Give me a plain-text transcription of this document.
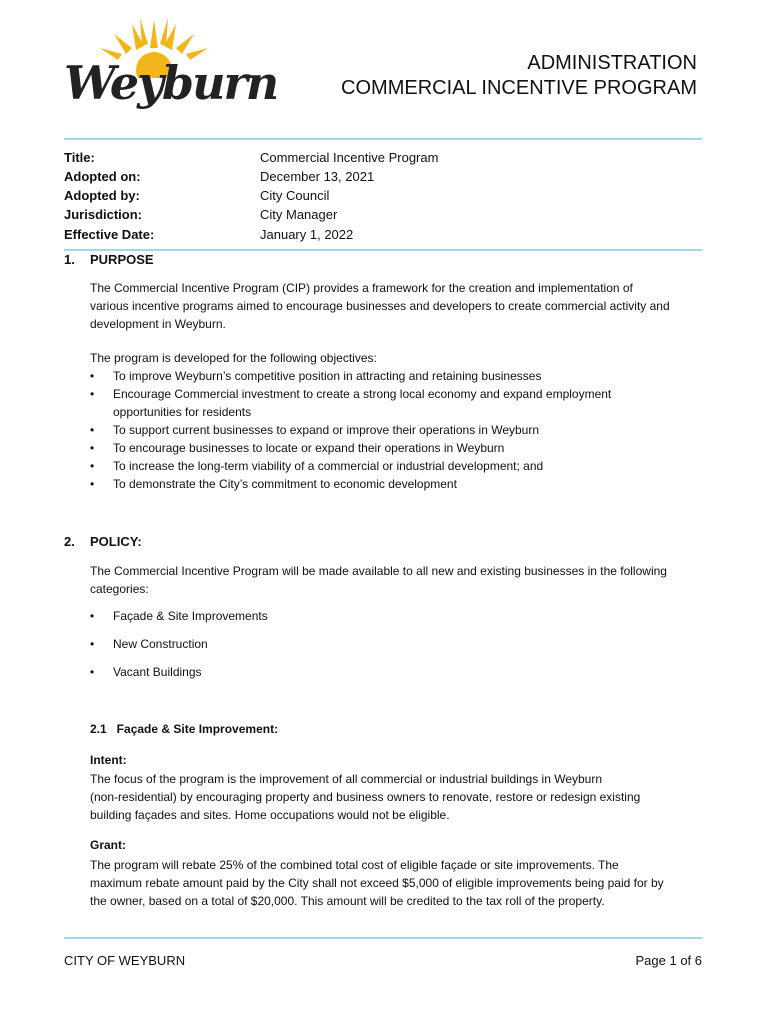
Weyburn	ADMINISTRATION
COMMERCIAL INCENTIVE PROGRAM
Title:	Commercial Incentive Program
Adopted on:	December 13, 2021
Adopted by:	City Council
Jurisdiction:	City Manager
Effective Date:	January 1, 2022
1. PURPOSE
The Commercial Incentive Program (CIP) provides a framework for the creation and implementation of
various incentive programs aimed to encourage businesses and developers to create commercial activity and
development in Weyburn.
The program is developed for the following objectives:
• To improve Weyburn’s competitive position in attracting and retaining businesses
• Encourage Commercial investment to create a strong local economy and expand employment
opportunities for residents
• To support current businesses to expand or improve their operations in Weyburn
• To encourage businesses to locate or expand their operations in Weyburn
• To increase the long-term viability of a commercial or industrial development; and
• To demonstrate the City’s commitment to economic development
2. POLICY:
The Commercial Incentive Program will be made available to all new and existing businesses in the following
categories:
• Façade & Site Improvements
• New Construction
• Vacant Buildings
2.1   Façade & Site Improvement:
Intent:
The focus of the program is the improvement of all commercial or industrial buildings in Weyburn
(non-residential) by encouraging property and business owners to renovate, restore or redesign existing
building façades and sites. Home occupations would not be eligible.
Grant:
The program will rebate 25% of the combined total cost of eligible façade or site improvements. The
maximum rebate amount paid by the City shall not exceed $5,000 of eligible improvements being paid for by
the owner, based on a total of $20,000. This amount will be credited to the tax roll of the property.
CITY OF WEYBURN	Page 1 of 6
